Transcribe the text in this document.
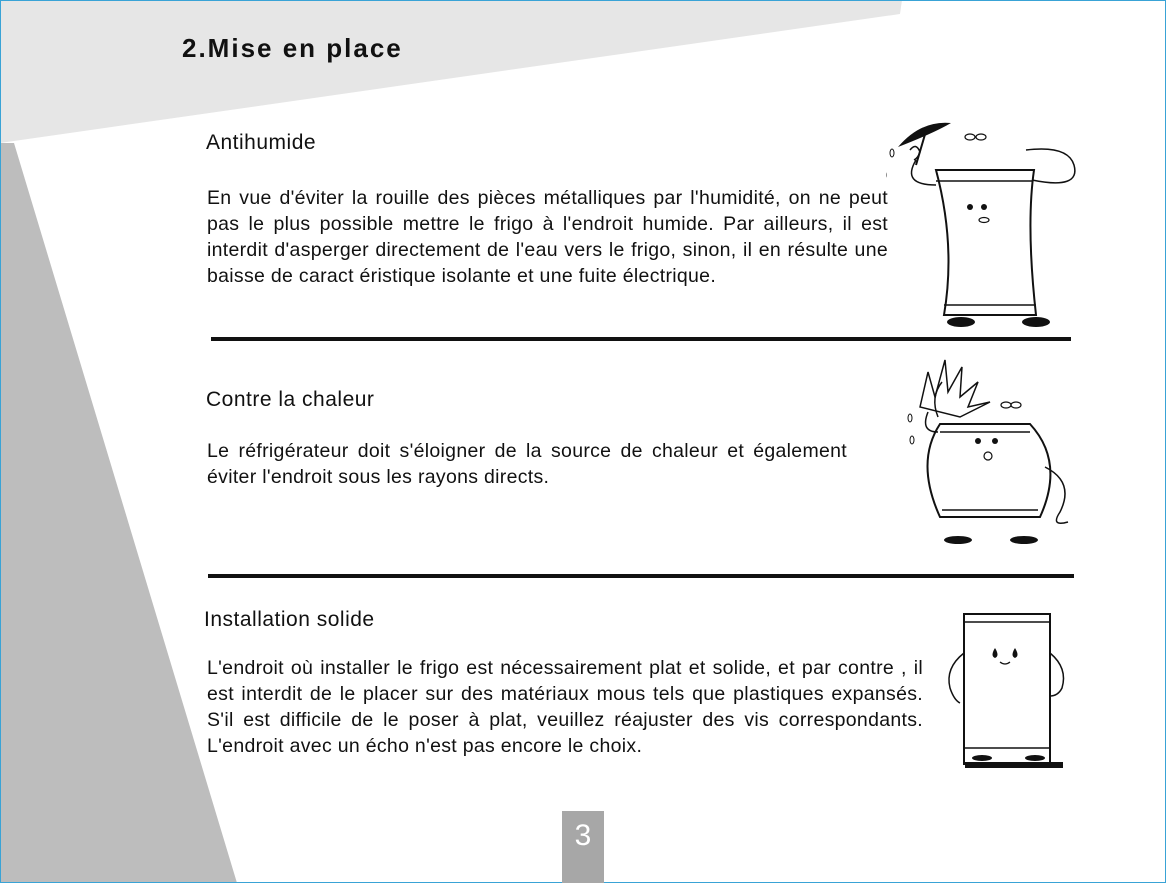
2.Mise en place
Antihumide

En vue d'éviter la rouille des pièces métalliques par l'humidité, on ne peut pas le plus possible mettre le frigo à l'endroit humide. Par ailleurs, il est interdit d'asperger directement de l'eau vers le frigo, sinon, il en résulte une baisse de caract éristique isolante et une fuite électrique.

Contre la chaleur

Le réfrigérateur doit s'éloigner de la source de chaleur et également éviter l'endroit sous les rayons directs.

Installation solide

L'endroit où installer le frigo est nécessairement plat et solide, et par contre , il est interdit de le placer sur des matériaux mous tels que plastiques expansés. S'il est difficile de le poser à plat, veuillez réajuster des vis correspondants. L'endroit avec un écho n'est pas encore le choix.

3
